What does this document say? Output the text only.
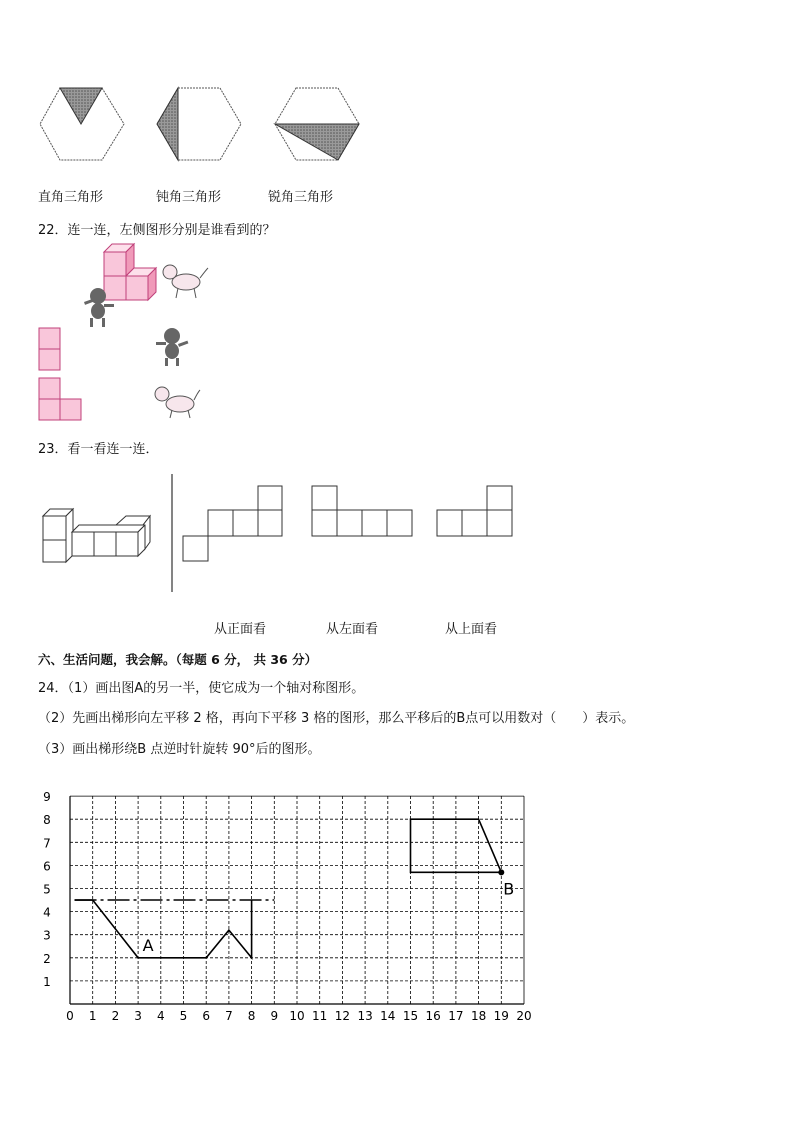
直角三角形	钝角三角形	锐角三角形
22．连一连，左侧图形分别是谁看到的？
23．看一看连一连．
从正面看	从左面看	从上面看
六、生活问题，我会解。（每题 6 分， 共 36 分）
24．（1）画出图A的另一半，使它成为一个轴对称图形。
（2）先画出梯形向左平移 2 格，再向下平移 3 格的图形，那么平移后的B点可以用数对（　　）表示。
（3）画出梯形绕B 点逆时针旋转 90°后的图形。
0 1 2 3 4 5 6 7 8 9 10 11 12 13 14 15 16 17 18 19 20
1
2
3
4
5
6
7
8
9
A
B
